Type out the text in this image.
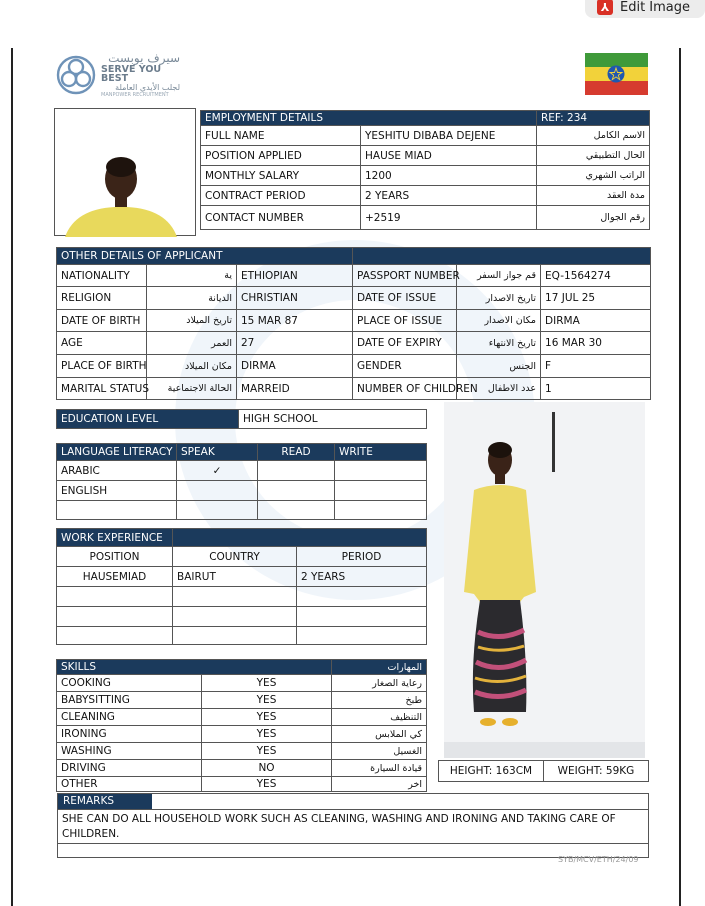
⅄ Edit Image
سيرف يوبست
SERVE YOU BEST
لجلب الأيدي العاملة
MANPOWER RECRUITMENT
EMPLOYMENT DETAILS		REF: 234
FULL NAME	YESHITU DIBABA DEJENE	الاسم الكامل
POSITION APPLIED	HAUSE MIAD	الحال التطبيقي
MONTHLY SALARY	1200	الراتب الشهري
CONTRACT PERIOD	2 YEARS	مدة العقد
CONTACT NUMBER	+2519	رقم الجوال
OTHER DETAILS OF APPLICANT					
NATIONALITY	ية	ETHIOPIAN	PASSPORT NUMBER	قم جواز السفر	EQ-1564274
RELIGION	الديانة	CHRISTIAN	DATE OF ISSUE	تاريخ الاصدار	17 JUL 25
DATE OF BIRTH	تاريخ الميلاد	15 MAR 87	PLACE OF ISSUE	مكان الاصدار	DIRMA
AGE	العمر	27	DATE OF EXPIRY	تاريخ الانتهاء	16 MAR 30
PLACE OF BIRTH	مكان الميلاد	DIRMA	GENDER	الجنس	F
MARITAL STATUS	الحالة الاجتماعية	MARREID	NUMBER OF CHILDREN	عدد الاطفال	1
EDUCATION LEVEL	HIGH SCHOOL
LANGUAGE LITERACY	SPEAK	READ	WRITE
ARABIC	✓		
ENGLISH			

WORK EXPERIENCE		
POSITION	COUNTRY	PERIOD
HAUSEMIAD	BAIRUT	2 YEARS

SKILLS		المهارات
COOKING	YES	رعاية الصغار
BABYSITTING	YES	طبخ
CLEANING	YES	التنظيف
IRONING	YES	كي الملابس
WASHING	YES	الغسيل
DRIVING	NO	قيادة السيارة
OTHER	YES	اخر
HEIGHT: 163CM	WEIGHT: 59KG
REMARKS
SHE CAN DO ALL HOUSEHOLD WORK SUCH AS CLEANING, WASHING AND IRONING AND TAKING CARE OF CHILDREN.
SYB/MCV/ETH/24/09
